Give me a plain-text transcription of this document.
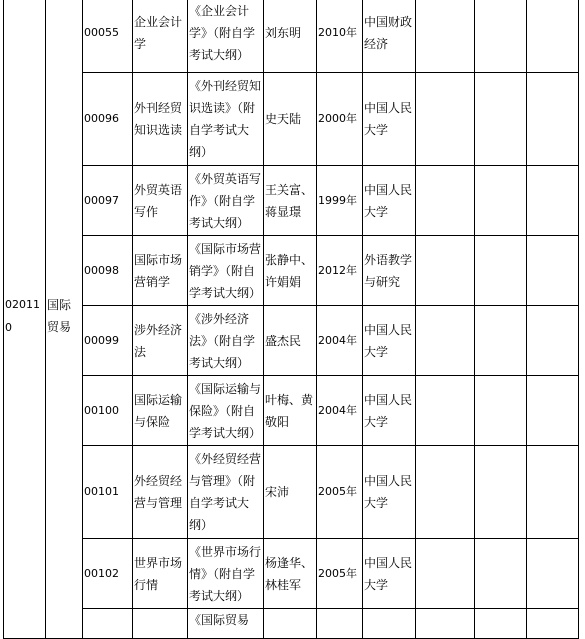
020110	国际贸易	00055	企业会计学	《企业会计学》（附自学考试大纲）	刘东明	2010年	中国财政经济			
		00096	外刊经贸知识选读	《外刊经贸知识选读》（附自学考试大纲）	史天陆	2000年	中国人民大学			
		00097	外贸英语写作	《外贸英语写作》（附自学考试大纲）	王关富、蒋显璟	1999年	中国人民大学			
		00098	国际市场营销学	《国际市场营销学》（附自学考试大纲）	张静中、许娟娟	2012年	外语教学与研究			
		00099	涉外经济法	《涉外经济法》（附自学考试大纲）	盛杰民	2004年	中国人民大学			
		00100	国际运输与保险	《国际运输与保险》（附自学考试大纲）	叶梅、黄敬阳	2004年	中国人民大学			
		00101	外经贸经营与管理	《外经贸经营与管理》（附自学考试大纲）	宋沛	2005年	中国人民大学			
		00102	世界市场行情	《世界市场行情》（附自学考试大纲）	杨逢华、林桂军	2005年	中国人民大学			
				《国际贸易						
